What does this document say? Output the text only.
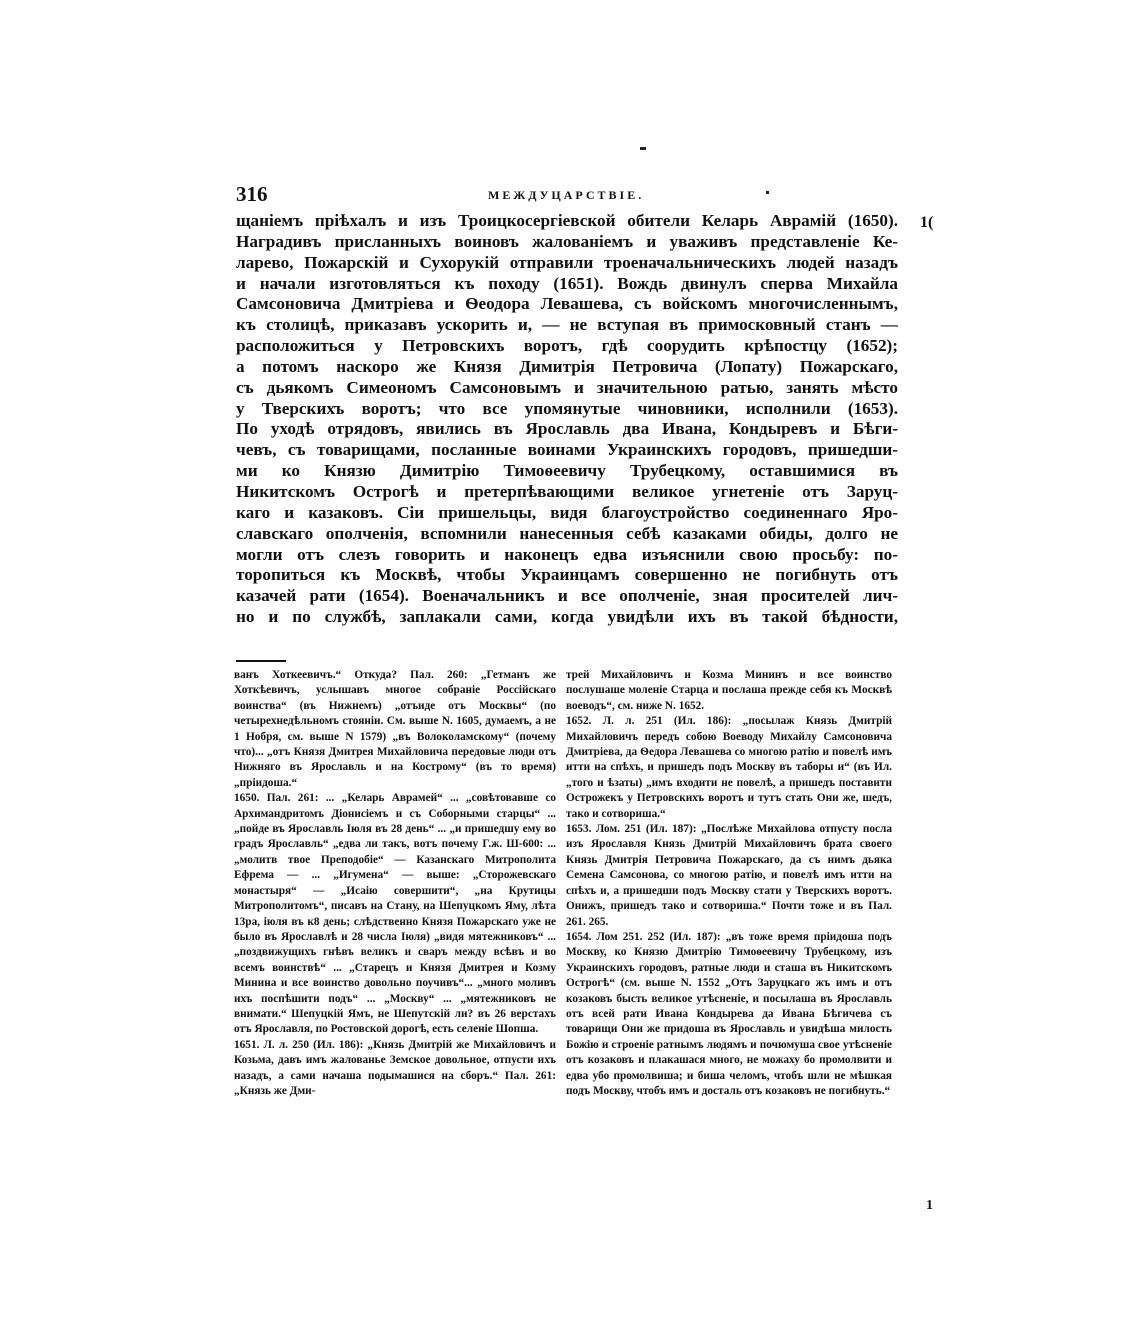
316	МЕЖДУЦАРСТВІЕ.
1(
1
щаніемъ пріѣхалъ и изъ Троицкосергіевской обители Келарь Аврамій (1650).
Наградивъ присланныхъ воиновъ жалованіемъ и уваживъ представленіе Ке-
ларево, Пожарскій и Сухорукій отправили троеначальническихъ людей назадъ
и начали изготовляться къ походу (1651). Вождь двинулъ сперва Михайла
Самсоновича Дмитріева и Ѳеодора Левашева, съ войскомъ многочисленнымъ,
къ столицѣ, приказавъ ускорить и, — не вступая въ примосковный станъ —
расположиться у Петровскихъ воротъ, гдѣ соорудить крѣпостцу (1652);
а потомъ наскоро же Князя Димитрія Петровича (Лопату) Пожарскаго,
съ дьякомъ Симеономъ Самсоновымъ и значительною ратью, занять мѣсто
у Тверскихъ воротъ; что все упомянутые чиновники, исполнили (1653).
По уходѣ отрядовъ, явились въ Ярославль два Ивана, Кондыревъ и Бѣги-
чевъ, съ товарищами, посланные воинами Украинскихъ городовъ, пришедши-
ми ко Князю Димитрію Тимоѳеевичу Трубецкому, оставшимися въ
Никитскомъ Острогѣ и претерпѣвающими великое угнетеніе отъ Заруц-
каго и казаковъ. Сіи пришельцы, видя благоустройство соединеннаго Яро-
славскаго ополченія, вспомнили нанесенныя себѣ казаками обиды, долго не
могли отъ слезъ говорить и наконецъ едва изъяснили свою просьбу: по-
торопиться къ Москвѣ, чтобы Украинцамъ совершенно не погибнуть отъ
казачей рати (1654). Военачальникъ и все ополченіе, зная просителей лич-
но и по службѣ, заплакали сами, когда увидѣли ихъ въ такой бѣдности,

ванъ Хоткеевичъ.“ Откуда? Пал. 260: „Гетманъ же Хоткѣевичъ, услышавъ многое собраніе Россійскаго воинства“ (въ Нижнемъ) „отъиде отъ Москвы“ (по четырехнедѣльномъ стояніи. См. выше N. 1605, думаемъ, а не 1 Нобря, см. выше N 1579) „въ Волоколамскому“ (почему что)... „отъ Князя Дмитрея Михайловича передовые люди отъ Нижняго въ Ярославль и на Кострому“ (въ то время) „пріидоша.“

1650. Пал. 261: ... „Келарь Аврамей“ ... „совѣтовавше со Архимандритомъ Діонисіемъ и съ Соборными старцы“ ... „пойде въ Ярославль Іюля въ 28 день“ ... „и пришедшу ему во градъ Ярославль“ „едва ли такъ, вотъ почему Г.ж. Ш-600: ... „молитв твое Преподобіе“ — Казанскаго Митрополита Ефрема — ... „Игумена“ — выше: „Сторожевскаго монастыря“ — „Исаію совершити“, „на Крутицы Митрополитомъ“, писавъ на Стану, на Шепуцкомъ Яму, лѣта 13ра, іюля въ к8 день; слѣдственно Князя Пожарскаго уже не было въ Ярославлѣ и 28 числа Іюля) „видя мятежниковъ“ ... „поздвижущихъ гнѣвъ великъ и сваръ между всѣвъ и во всемъ воинствѣ“ ... „Старецъ и Князя Дмитрея и Козму Минина и все воинство довольно поучивъ“... „много моливъ ихъ поспѣшити подъ“ ... „Москву“ ... „мятежниковъ не внимати.“ Шепуцкій Ямъ, не Шепутскій ли? въ 26 верстахъ отъ Ярославля, по Ростовской дорогѣ, есть селеніе Шопша.

1651. Л. л. 250 (Ил. 186): „Князь Дмитрій же Михайловичъ и Козьма, давъ имъ жалованье Земское довольное, отпусти ихъ назадъ, а сами начаша подымашися на сборъ.“ Пал. 261: „Князь же Дми-

трей Михайловичъ и Козма Мининъ и все воинство послушаше моленіе Старца и послаша прежде себя къ Москвѣ воеводъ“, см. ниже N. 1652.

1652. Л. л. 251 (Ил. 186): „посылаж Князь Дмитрій Михайловичъ передъ собою Воеводу Михайлу Самсоновича Дмитріева, да Ѳедора Левашева со многою ратію и повелѣ имъ итти на спѣхъ, и пришедъ подъ Москву въ таборы и“ (въ Ил. „того и ѣзаты) „имъ входити не повелѣ, а пришедъ поставити Острожекъ у Петровскихъ воротъ и тутъ стать Они же, шедъ, тако и сотвориша.“

1653. Лом. 251 (Ил. 187): „Послѣже Михайлова отпусту посла изъ Ярославля Князь Дмитрій Михайловичъ брата своего Князь Дмитрія Петровича Пожарскаго, да съ нимъ дьяка Семена Самсонова, со многою ратію, и повелѣ имъ итти на спѣхъ и, а пришедши подъ Москву стати у Тверскихъ воротъ. Онижъ, пришедъ тако и сотвориша.“ Почти тоже и въ Пал. 261. 265.

1654. Лом 251. 252 (Ил. 187): „въ тоже время пріидоша подъ Москву, ко Князю Дмитрію Тимоѳеевичу Трубецкому, изъ Украинскихъ городовъ, ратные люди и сташа въ Никитскомъ Острогѣ“ (см. выше N. 1552 „Отъ Заруцкаго жъ имъ и отъ козаковъ бысть великое утѣсненіе, и посылаша въ Ярославль отъ всей рати Ивана Кондырева да Ивана Бѣгичева съ товарищи Они же придоша въ Ярославль и увидѣша милость Божію и строеніе ратнымъ людямъ и почюмуша свое утѣсненіе отъ козаковъ и плакашася много, не можаху бо промолвити и едва убо промолвиша; и биша челомъ, чтобъ шли не мѣшкая подъ Москву, чтобъ имъ и досталь отъ козаковъ не погибнуть.“
